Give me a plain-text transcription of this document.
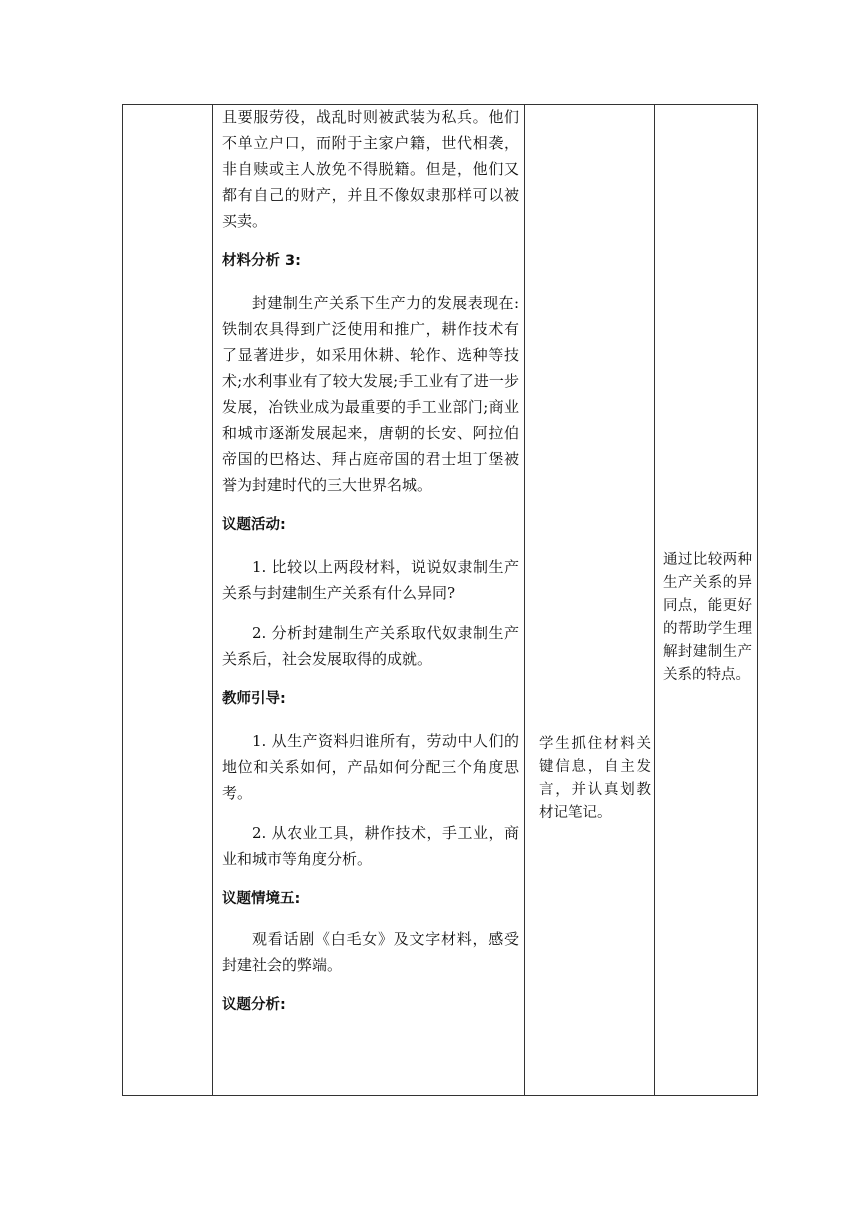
且要服劳役，战乱时则被武装为私兵。他们不单立户口，而附于主家户籍，世代相袭，非自赎或主人放免不得脱籍。但是，他们又都有自己的财产，并且不像奴隶那样可以被买卖。

材料分析 3:

封建制生产关系下生产力的发展表现在:铁制农具得到广泛使用和推广，耕作技术有了显著进步，如采用休耕、轮作、选种等技术;水利事业有了较大发展;手工业有了进一步发展，冶铁业成为最重要的手工业部门;商业和城市逐渐发展起来，唐朝的长安、阿拉伯帝国的巴格达、拜占庭帝国的君士坦丁堡被誉为封建时代的三大世界名城。

议题活动:

1. 比较以上两段材料，说说奴隶制生产关系与封建制生产关系有什么异同?

2. 分析封建制生产关系取代奴隶制生产关系后，社会发展取得的成就。

教师引导:

1. 从生产资料归谁所有，劳动中人们的地位和关系如何，产品如何分配三个角度思考。

2. 从农业工具，耕作技术，手工业，商业和城市等角度分析。

议题情境五:

观看话剧《白毛女》及文字材料，感受封建社会的弊端。

议题分析:

学生抓住材料关键信息，自主发言，并认真划教材记笔记。

通过比较两种生产关系的异同点，能更好的帮助学生理解封建制生产关系的特点。
